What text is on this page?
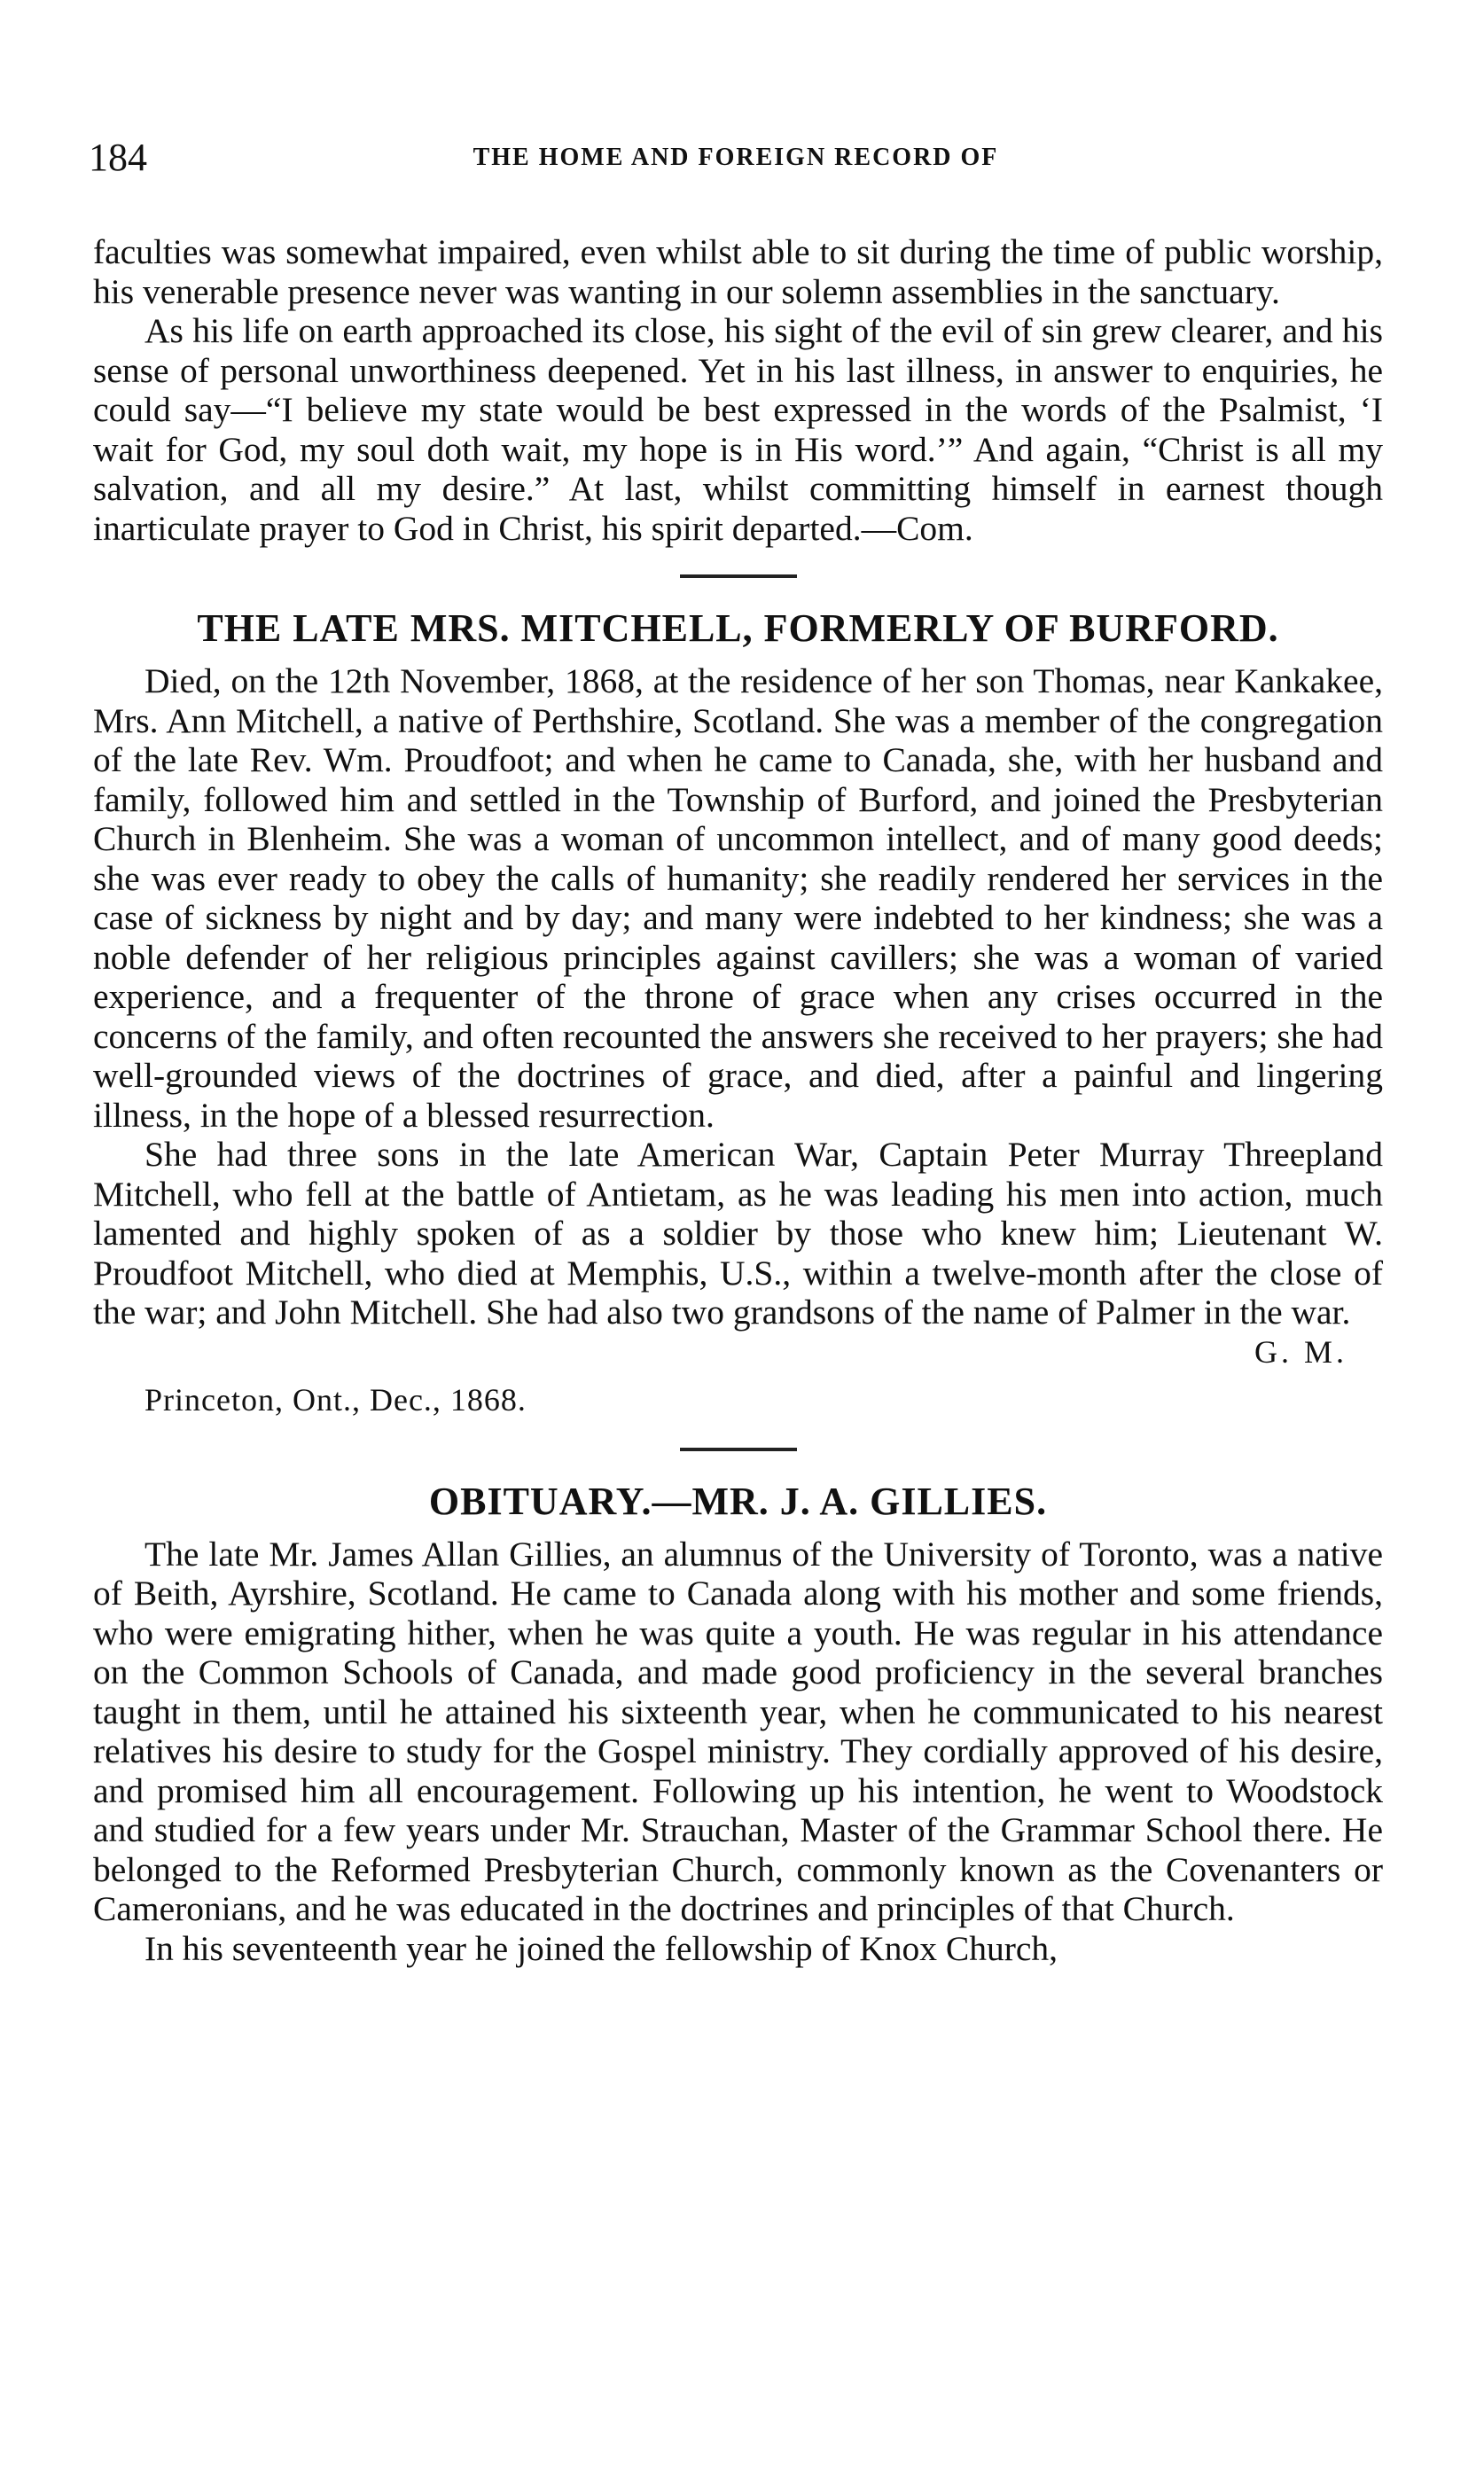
184	THE HOME AND FOREIGN RECORD OF

faculties was somewhat impaired, even whilst able to sit during the time of public worship, his venerable presence never was wanting in our solemn assemblies in the sanctuary.

As his life on earth approached its close, his sight of the evil of sin grew clearer, and his sense of personal unworthiness deepened. Yet in his last illness, in answer to enquiries, he could say—“I believe my state would be best expressed in the words of the Psalmist, ‘I wait for God, my soul doth wait, my hope is in His word.’” And again, “Christ is all my salvation, and all my desire.” At last, whilst committing himself in earnest though inarticulate prayer to God in Christ, his spirit departed.—Com.

THE LATE MRS. MITCHELL, FORMERLY OF BURFORD.

Died, on the 12th November, 1868, at the residence of her son Thomas, near Kankakee, Mrs. Ann Mitchell, a native of Perthshire, Scotland. She was a member of the congregation of the late Rev. Wm. Proudfoot; and when he came to Canada, she, with her husband and family, followed him and settled in the Township of Burford, and joined the Presbyterian Church in Blenheim. She was a woman of uncommon intellect, and of many good deeds; she was ever ready to obey the calls of humanity; she readily rendered her services in the case of sickness by night and by day; and many were indebted to her kindness; she was a noble defender of her religious principles against cavillers; she was a woman of varied experience, and a frequenter of the throne of grace when any crises occurred in the concerns of the family, and often recounted the answers she received to her prayers; she had well-grounded views of the doctrines of grace, and died, after a painful and lingering illness, in the hope of a blessed resurrection.

She had three sons in the late American War, Captain Peter Murray Threepland Mitchell, who fell at the battle of Antietam, as he was leading his men into action, much lamented and highly spoken of as a soldier by those who knew him; Lieutenant W. Proudfoot Mitchell, who died at Memphis, U.S., within a twelve-month after the close of the war; and John Mitchell. She had also two grandsons of the name of Palmer in the war.

G. M.

Princeton, Ont., Dec., 1868.

OBITUARY.—MR. J. A. GILLIES.

The late Mr. James Allan Gillies, an alumnus of the University of Toronto, was a native of Beith, Ayrshire, Scotland. He came to Canada along with his mother and some friends, who were emigrating hither, when he was quite a youth. He was regular in his attendance on the Common Schools of Canada, and made good proficiency in the several branches taught in them, until he attained his sixteenth year, when he communicated to his nearest relatives his desire to study for the Gospel ministry. They cordially approved of his desire, and promised him all encouragement. Following up his intention, he went to Woodstock and studied for a few years under Mr. Strauchan, Master of the Grammar School there. He belonged to the Reformed Presbyterian Church, commonly known as the Covenanters or Cameronians, and he was educated in the doctrines and principles of that Church.

In his seventeenth year he joined the fellowship of Knox Church,
